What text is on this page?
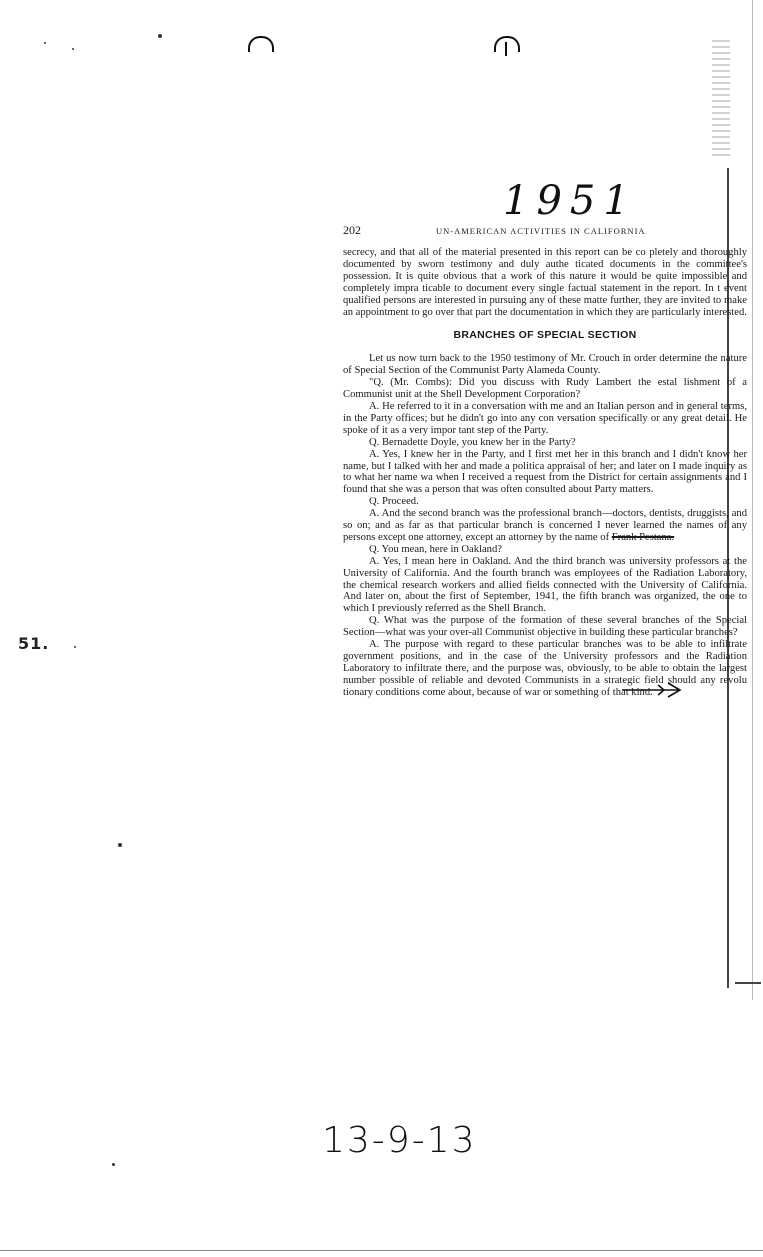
51.
1951
202	UN-AMERICAN ACTIVITIES IN CALIFORNIA

secrecy, and that all of the material presented in this report can be co pletely and thoroughly documented by sworn testimony and duly authe ticated documents in the committee's possession. It is quite obvious that a work of this nature it would be quite impossible and completely impra ticable to document every single factual statement in the report. In t event qualified persons are interested in pursuing any of these matte further, they are invited to make an appointment to go over that part the documentation in which they are particularly interested.

BRANCHES OF SPECIAL SECTION

Let us now turn back to the 1950 testimony of Mr. Crouch in order determine the nature of Special Section of the Communist Party Alameda County.

"Q. (Mr. Combs): Did you discuss with Rudy Lambert the estal lishment of a Communist unit at the Shell Development Corporation?

A. He referred to it in a conversation with me and an Italian person and in general terms, in the Party offices; but he didn't go into any con versation specifically or any great detail. He spoke of it as a very impor tant step of the Party.

Q. Bernadette Doyle, you knew her in the Party?

A. Yes, I knew her in the Party, and I first met her in this branch and I didn't know her name, but I talked with her and made a politica appraisal of her; and later on I made inquiry as to what her name wa when I received a request from the District for certain assignments and I found that she was a person that was often consulted about Party matters.

Q. Proceed.

A. And the second branch was the professional branch—doctors, dentists, druggists, and so on; and as far as that particular branch is concerned I never learned the names of any persons except one attorney, except an attorney by the name of Frank Pestana.

Q. You mean, here in Oakland?

A. Yes, I mean here in Oakland. And the third branch was university professors at the University of California. And the fourth branch was employees of the Radiation Laboratory, the chemical research workers and allied fields connected with the University of California. And later on, about the first of September, 1941, the fifth branch was organized, the one to which I previously referred as the Shell Branch.

Q. What was the purpose of the formation of these several branches of the Special Section—what was your over-all Communist objective in building these particular branches?

A. The purpose with regard to these particular branches was to be able to infiltrate government positions, and in the case of the University professors and the Radiation Laboratory to infiltrate there, and the purpose was, obviously, to be able to obtain the largest number possible of reliable and devoted Communists in a strategic field should any revolu tionary conditions come about, because of war or something of that kind.

13-9-13
